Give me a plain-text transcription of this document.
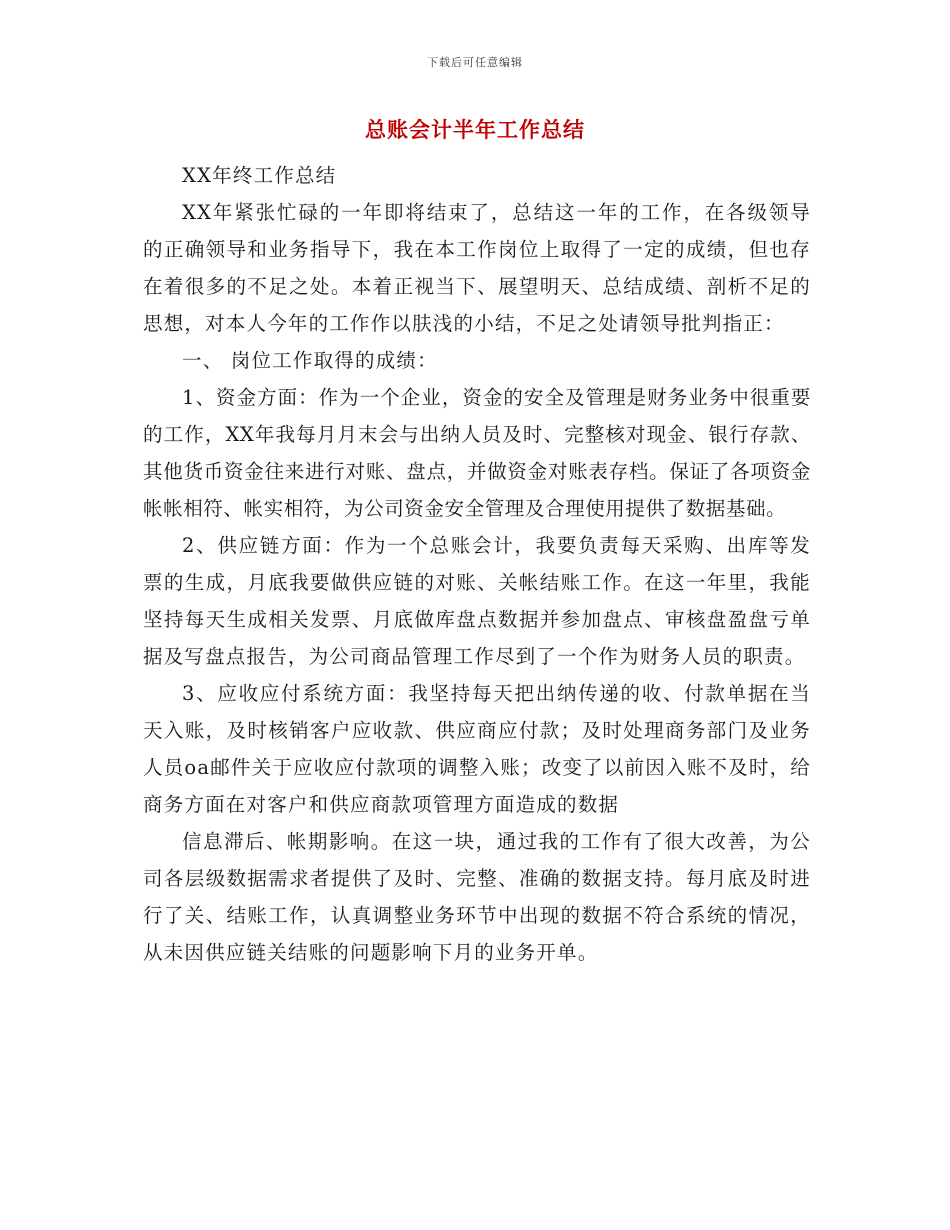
下载后可任意编辑
总账会计半年工作总结

XX年终工作总结

XX年紧张忙碌的一年即将结束了，总结这一年的工作，在各级领导的正确领导和业务指导下，我在本工作岗位上取得了一定的成绩，但也存在着很多的不足之处。本着正视当下、展望明天、总结成绩、剖析不足的思想，对本人今年的工作作以肤浅的小结，不足之处请领导批判指正：

一、 岗位工作取得的成绩：

1、资金方面：作为一个企业，资金的安全及管理是财务业务中很重要的工作，XX年我每月月末会与出纳人员及时、完整核对现金、银行存款、其他货币资金往来进行对账、盘点，并做资金对账表存档。保证了各项资金帐帐相符、帐实相符，为公司资金安全管理及合理使用提供了数据基础。

2、供应链方面：作为一个总账会计，我要负责每天采购、出库等发票的生成，月底我要做供应链的对账、关帐结账工作。在这一年里，我能坚持每天生成相关发票、月底做库盘点数据并参加盘点、审核盘盈盘亏单据及写盘点报告，为公司商品管理工作尽到了一个作为财务人员的职责。

3、应收应付系统方面：我坚持每天把出纳传递的收、付款单据在当天入账，及时核销客户应收款、供应商应付款；及时处理商务部门及业务人员oa邮件关于应收应付款项的调整入账；改变了以前因入账不及时，给商务方面在对客户和供应商款项管理方面造成的数据

信息滞后、帐期影响。在这一块，通过我的工作有了很大改善，为公司各层级数据需求者提供了及时、完整、准确的数据支持。每月底及时进行了关、结账工作，认真调整业务环节中出现的数据不符合系统的情况，从未因供应链关结账的问题影响下月的业务开单。
